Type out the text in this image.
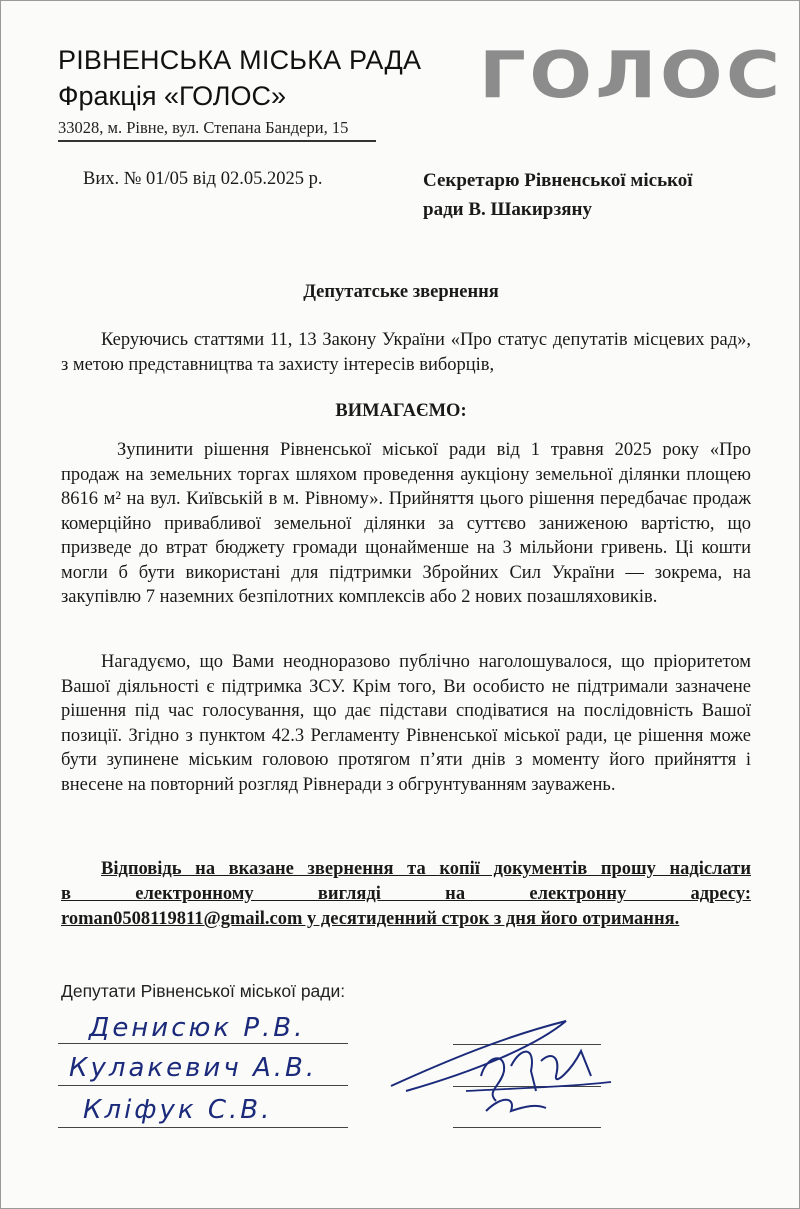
РІВНЕНСЬКА МІСЬКА РАДА
Фракція «ГОЛОС»
33028, м. Рівне, вул. Степана Бандери, 15
ГОЛОС
Вих. № 01/05 від 02.05.2025 р.	Секретарю Рівненської міської
ради В. Шакирзяну
Депутатське звернення
Керуючись статтями 11, 13 Закону України «Про статус депутатів місцевих рад», з метою представництва та захисту інтересів виборців,
ВИМАГАЄМО:
Зупинити рішення Рівненської міської ради від 1 травня 2025 року «Про продаж на земельних торгах шляхом проведення аукціону земельної ділянки площею 8616 м² на вул. Київській в м. Рівному». Прийняття цього рішення передбачає продаж комерційно привабливої земельної ділянки за суттєво заниженою вартістю, що призведе до втрат бюджету громади щонайменше на 3 мільйони гривень. Ці кошти могли б бути використані для підтримки Збройних Сил України — зокрема, на закупівлю 7 наземних безпілотних комплексів або 2 нових позашляховиків.
Нагадуємо, що Вами неодноразово публічно наголошувалося, що пріоритетом Вашої діяльності є підтримка ЗСУ. Крім того, Ви особисто не підтримали зазначене рішення під час голосування, що дає підстави сподіватися на послідовність Вашої позиції. Згідно з пунктом 42.3 Регламенту Рівненської міської ради, це рішення може бути зупинене міським головою протягом п’яти днів з моменту його прийняття і внесене на повторний розгляд Рівнеради з обгрунтуванням зауважень.
Відповідь на вказане звернення та копії документів прошу надіслати
в електронному вигляді на електронну адресу:
roman0508119811@gmail.com у десятиденний строк з дня його отримання.
Депутати Рівненської міської ради:
Денисюк Р.В.
Кулакевич А.В.
Кліфук С.В.
